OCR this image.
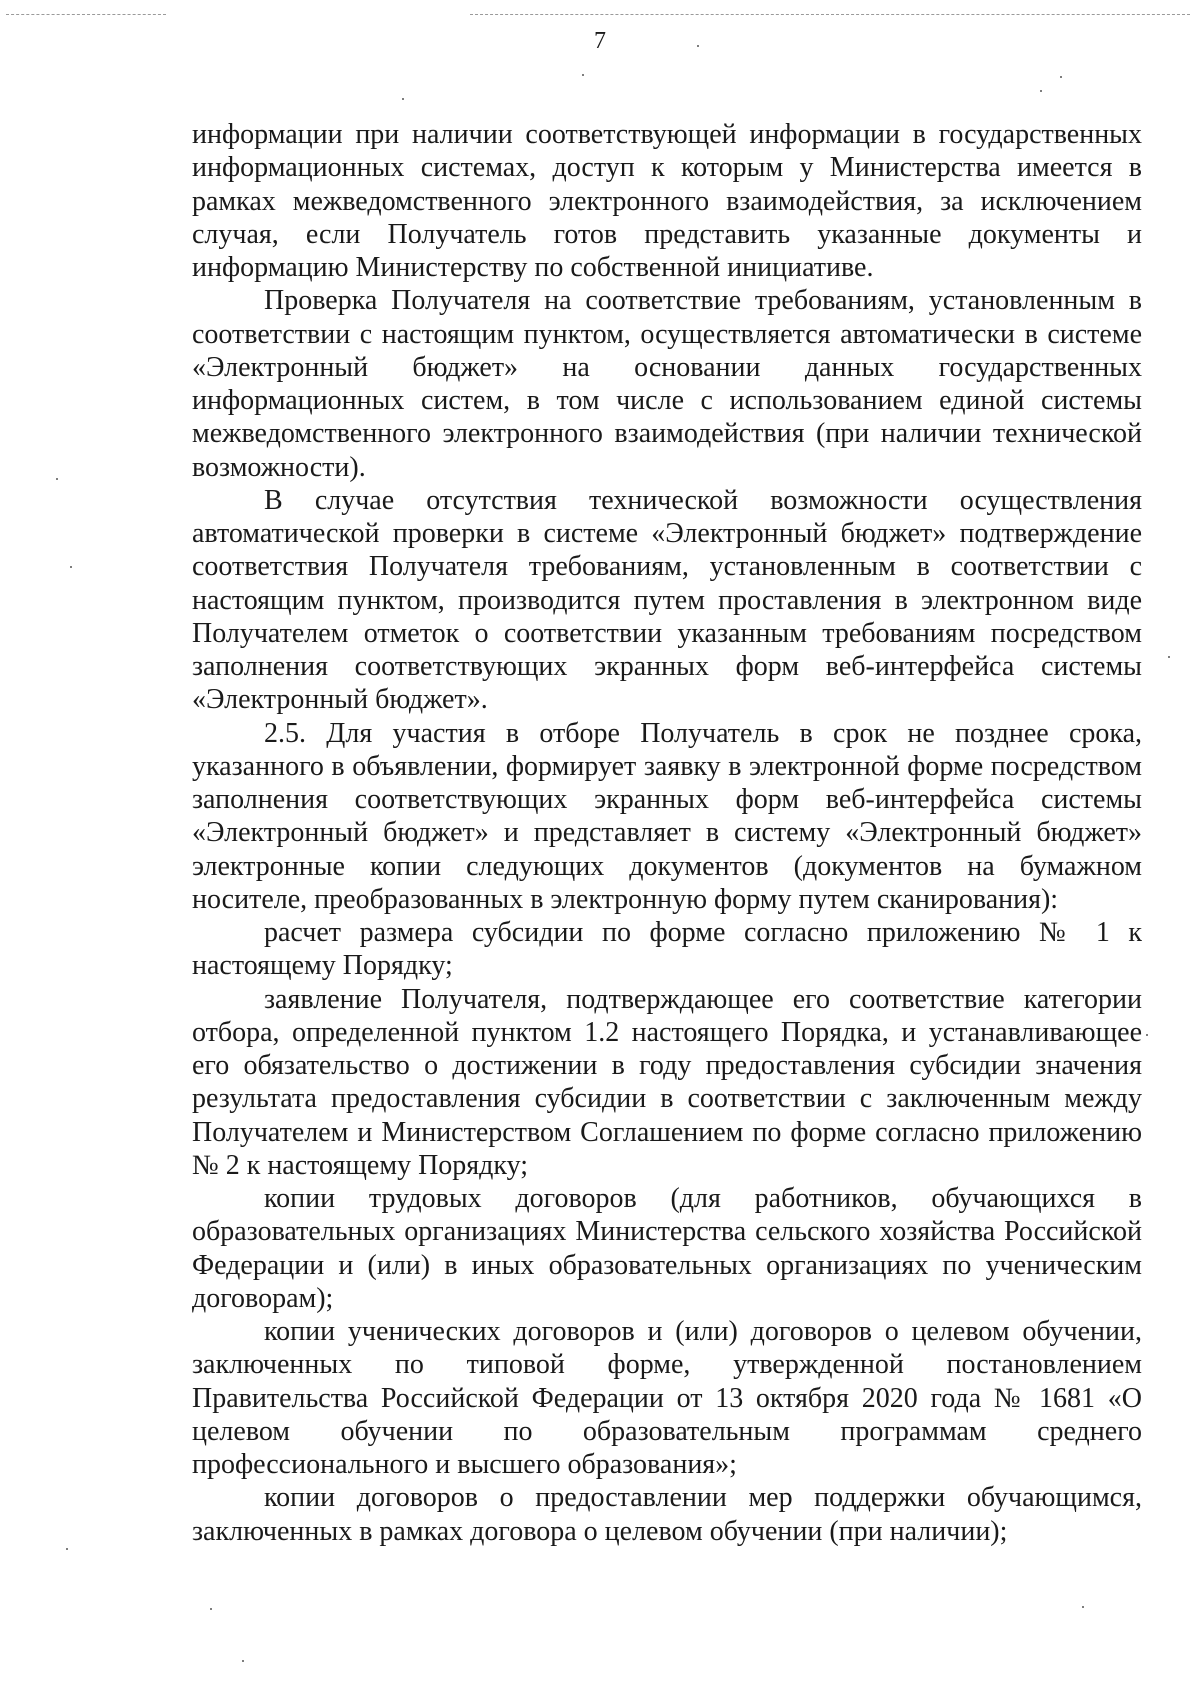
7

информации при наличии соответствующей информации в государственных информационных системах, доступ к которым у Министерства имеется в рамках межведомственного электронного взаимодействия, за исключением случая, если Получатель готов представить указанные документы и информацию Министерству по собственной инициативе.

Проверка Получателя на соответствие требованиям, установленным в соответствии с настоящим пунктом, осуществляется автоматически в системе «Электронный бюджет» на основании данных государственных информационных систем, в том числе с использованием единой системы межведомственного электронного взаимодействия (при наличии технической возможности).

В случае отсутствия технической возможности осуществления автоматической проверки в системе «Электронный бюджет» подтверждение соответствия Получателя требованиям, установленным в соответствии с настоящим пунктом, производится путем проставления в электронном виде Получателем отметок о соответствии указанным требованиям посредством заполнения соответствующих экранных форм веб-интерфейса системы «Электронный бюджет».

2.5. Для участия в отборе Получатель в срок не позднее срока, указанного в объявлении, формирует заявку в электронной форме посредством заполнения соответствующих экранных форм веб-интерфейса системы «Электронный бюджет» и представляет в систему «Электронный бюджет» электронные копии следующих документов (документов на бумажном носителе, преобразованных в электронную форму путем сканирования):

расчет размера субсидии по форме согласно приложению № 1 к настоящему Порядку;

заявление Получателя, подтверждающее его соответствие категории отбора, определенной пунктом 1.2 настоящего Порядка, и устанавливающее его обязательство о достижении в году предоставления субсидии значения результата предоставления субсидии в соответствии с заключенным между Получателем и Министерством Соглашением по форме согласно приложению № 2 к настоящему Порядку;

копии трудовых договоров (для работников, обучающихся в образовательных организациях Министерства сельского хозяйства Российской Федерации и (или) в иных образовательных организациях по ученическим договорам);

копии ученических договоров и (или) договоров о целевом обучении, заключенных по типовой форме, утвержденной постановлением Правительства Российской Федерации от 13 октября 2020 года № 1681 «О целевом обучении по образовательным программам среднего профессионального и высшего образования»;

копии договоров о предоставлении мер поддержки обучающимся, заключенных в рамках договора о целевом обучении (при наличии);
